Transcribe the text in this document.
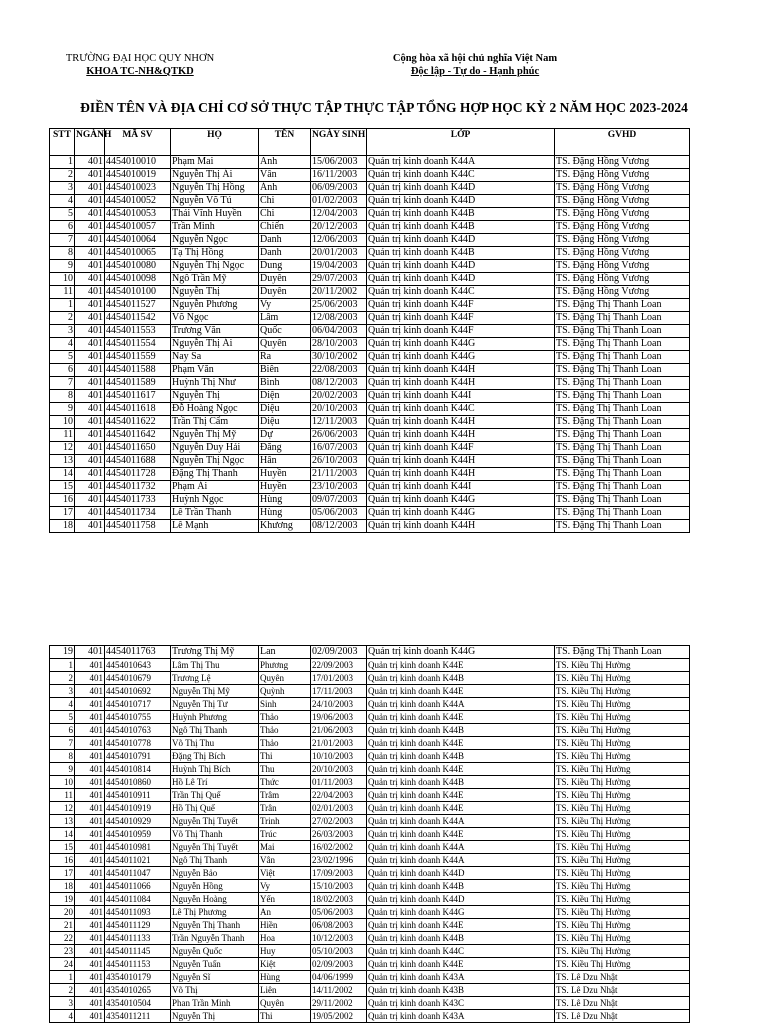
TRƯỜNG ĐẠI HỌC QUY NHƠN
KHOA TC-NH&QTKD
Cộng hòa xã hội chủ nghĩa Việt Nam
Độc lập - Tự do - Hạnh phúc
ĐIỀN TÊN VÀ ĐỊA CHỈ CƠ SỞ THỰC TẬP THỰC TẬP TỔNG HỢP HỌC KỲ 2 NĂM HỌC 2023-2024
STT	NGÀNH	MÃ SV	HỌ	TÊN	NGÀY SINH	LỚP	GVHD
1	401	4454010010	Phạm Mai	Anh	15/06/2003	Quản trị kinh doanh K44A	TS. Đặng Hồng Vương
2	401	4454010019	Nguyễn Thị Ái	Vân	16/11/2003	Quản trị kinh doanh K44C	TS. Đặng Hồng Vương
3	401	4454010023	Nguyễn Thị Hồng	Ánh	06/09/2003	Quản trị kinh doanh K44D	TS. Đặng Hồng Vương
4	401	4454010052	Nguyễn Võ Tú	Chi	01/02/2003	Quản trị kinh doanh K44D	TS. Đặng Hồng Vương
5	401	4454010053	Thái Vĩnh Huyền	Chi	12/04/2003	Quản trị kinh doanh K44B	TS. Đặng Hồng Vương
6	401	4454010057	Trần Minh	Chiến	20/12/2003	Quản trị kinh doanh K44B	TS. Đặng Hồng Vương
7	401	4454010064	Nguyễn Ngọc	Danh	12/06/2003	Quản trị kinh doanh K44D	TS. Đặng Hồng Vương
8	401	4454010065	Tạ Thị Hồng	Danh	20/01/2003	Quản trị kinh doanh K44B	TS. Đặng Hồng Vương
9	401	4454010080	Nguyễn Thị Ngọc	Dung	19/04/2003	Quản trị kinh doanh K44D	TS. Đặng Hồng Vương
10	401	4454010098	Ngô Trần Mỹ	Duyên	29/07/2003	Quản trị kinh doanh K44D	TS. Đặng Hồng Vương
11	401	4454010100	Nguyễn Thị	Duyên	20/11/2002	Quản trị kinh doanh K44C	TS. Đặng Hồng Vương
1	401	4454011527	Nguyễn Phương	Vy	25/06/2003	Quản trị kinh doanh K44F	TS. Đặng Thị Thanh Loan
2	401	4454011542	Võ Ngọc	Lâm	12/08/2003	Quản trị kinh doanh K44F	TS. Đặng Thị Thanh Loan
3	401	4454011553	Trương Văn	Quốc	06/04/2003	Quản trị kinh doanh K44F	TS. Đặng Thị Thanh Loan
4	401	4454011554	Nguyễn Thị Ái	Quyên	28/10/2003	Quản trị kinh doanh K44G	TS. Đặng Thị Thanh Loan
5	401	4454011559	Nay Sa	Ra	30/10/2002	Quản trị kinh doanh K44G	TS. Đặng Thị Thanh Loan
6	401	4454011588	Phạm Văn	Biên	22/08/2003	Quản trị kinh doanh K44H	TS. Đặng Thị Thanh Loan
7	401	4454011589	Huỳnh Thị Như	Bình	08/12/2003	Quản trị kinh doanh K44H	TS. Đặng Thị Thanh Loan
8	401	4454011617	Nguyễn Thị	Diện	20/02/2003	Quản trị kinh doanh K44I	TS. Đặng Thị Thanh Loan
9	401	4454011618	Đỗ Hoàng Ngọc	Diệu	20/10/2003	Quản trị kinh doanh K44C	TS. Đặng Thị Thanh Loan
10	401	4454011622	Trần Thị Cẩm	Diệu	12/11/2003	Quản trị kinh doanh K44H	TS. Đặng Thị Thanh Loan
11	401	4454011642	Nguyễn Thị Mỹ	Dự	26/06/2003	Quản trị kinh doanh K44H	TS. Đặng Thị Thanh Loan
12	401	4454011650	Nguyễn Duy Hải	Đăng	16/07/2003	Quản trị kinh doanh K44F	TS. Đặng Thị Thanh Loan
13	401	4454011688	Nguyễn Thị Ngọc	Hân	26/10/2003	Quản trị kinh doanh K44H	TS. Đặng Thị Thanh Loan
14	401	4454011728	Đặng Thị Thanh	Huyền	21/11/2003	Quản trị kinh doanh K44H	TS. Đặng Thị Thanh Loan
15	401	4454011732	Phạm Ái	Huyền	23/10/2003	Quản trị kinh doanh K44I	TS. Đặng Thị Thanh Loan
16	401	4454011733	Huỳnh Ngọc	Hùng	09/07/2003	Quản trị kinh doanh K44G	TS. Đặng Thị Thanh Loan
17	401	4454011734	Lê Trần Thanh	Hùng	05/06/2003	Quản trị kinh doanh K44G	TS. Đặng Thị Thanh Loan
18	401	4454011758	Lê Mạnh	Khương	08/12/2003	Quản trị kinh doanh K44H	TS. Đặng Thị Thanh Loan
19	401	4454011763	Trương Thị Mỹ	Lan	02/09/2003	Quản trị kinh doanh K44G	TS. Đặng Thị Thanh Loan
1	401	4454010643	Lâm Thị Thu	Phương	22/09/2003	Quản trị kinh doanh K44E	TS. Kiều Thị Hường
2	401	4454010679	Trương Lệ	Quyên	17/01/2003	Quản trị kinh doanh K44B	TS. Kiều Thị Hường
3	401	4454010692	Nguyễn Thị Mỹ	Quỳnh	17/11/2003	Quản trị kinh doanh K44E	TS. Kiều Thị Hường
4	401	4454010717	Nguyễn Thị Tư	Sinh	24/10/2003	Quản trị kinh doanh K44A	TS. Kiều Thị Hường
5	401	4454010755	Huỳnh Phương	Thảo	19/06/2003	Quản trị kinh doanh K44E	TS. Kiều Thị Hường
6	401	4454010763	Ngô Thị Thanh	Thảo	21/06/2003	Quản trị kinh doanh K44B	TS. Kiều Thị Hường
7	401	4454010778	Võ Thị Thu	Thảo	21/01/2003	Quản trị kinh doanh K44E	TS. Kiều Thị Hường
8	401	4454010791	Đặng Thị Bích	Thi	10/10/2003	Quản trị kinh doanh K44B	TS. Kiều Thị Hường
9	401	4454010814	Huỳnh Thị Bích	Thu	20/10/2003	Quản trị kinh doanh K44E	TS. Kiều Thị Hường
10	401	4454010860	Hồ Lê Trí	Thức	01/11/2003	Quản trị kinh doanh K44B	TS. Kiều Thị Hường
11	401	4454010911	Trần Thị Quế	Trâm	22/04/2003	Quản trị kinh doanh K44E	TS. Kiều Thị Hường
12	401	4454010919	Hồ Thị Quế	Trân	02/01/2003	Quản trị kinh doanh K44E	TS. Kiều Thị Hường
13	401	4454010929	Nguyễn Thị Tuyết	Trinh	27/02/2003	Quản trị kinh doanh K44A	TS. Kiều Thị Hường
14	401	4454010959	Võ Thị Thanh	Trúc	26/03/2003	Quản trị kinh doanh K44E	TS. Kiều Thị Hường
15	401	4454010981	Nguyễn Thị Tuyết	Mai	16/02/2002	Quản trị kinh doanh K44A	TS. Kiều Thị Hường
16	401	4454011021	Ngô Thị Thanh	Vân	23/02/1996	Quản trị kinh doanh K44A	TS. Kiều Thị Hường
17	401	4454011047	Nguyễn Bảo	Việt	17/09/2003	Quản trị kinh doanh K44D	TS. Kiều Thị Hường
18	401	4454011066	Nguyễn Hồng	Vy	15/10/2003	Quản trị kinh doanh K44B	TS. Kiều Thị Hường
19	401	4454011084	Nguyễn Hoàng	Yến	18/02/2003	Quản trị kinh doanh K44D	TS. Kiều Thị Hường
20	401	4454011093	Lê Thị Phương	An	05/06/2003	Quản trị kinh doanh K44G	TS. Kiều Thị Hường
21	401	4454011129	Nguyễn Thị Thanh	Hiền	06/08/2003	Quản trị kinh doanh K44E	TS. Kiều Thị Hường
22	401	4454011133	Trần Nguyễn Thanh	Hoa	10/12/2003	Quản trị kinh doanh K44B	TS. Kiều Thị Hường
23	401	4454011145	Nguyễn Quốc	Huy	05/10/2003	Quản trị kinh doanh K44C	TS. Kiều Thị Hường
24	401	4454011153	Nguyễn Tuấn	Kiệt	02/09/2003	Quản trị kinh doanh K44E	TS. Kiều Thị Hường
1	401	4354010179	Nguyễn Sĩ	Hùng	04/06/1999	Quản trị kinh doanh K43A	TS. Lê Dzu Nhật
2	401	4354010265	Võ Thị	Liên	14/11/2002	Quản trị kinh doanh K43B	TS. Lê Dzu Nhật
3	401	4354010504	Phan Trần Minh	Quyên	29/11/2002	Quản trị kinh doanh K43C	TS. Lê Dzu Nhật
4	401	4354011211	Nguyễn Thị	Thi	19/05/2002	Quản trị kinh doanh K43A	TS. Lê Dzu Nhật
